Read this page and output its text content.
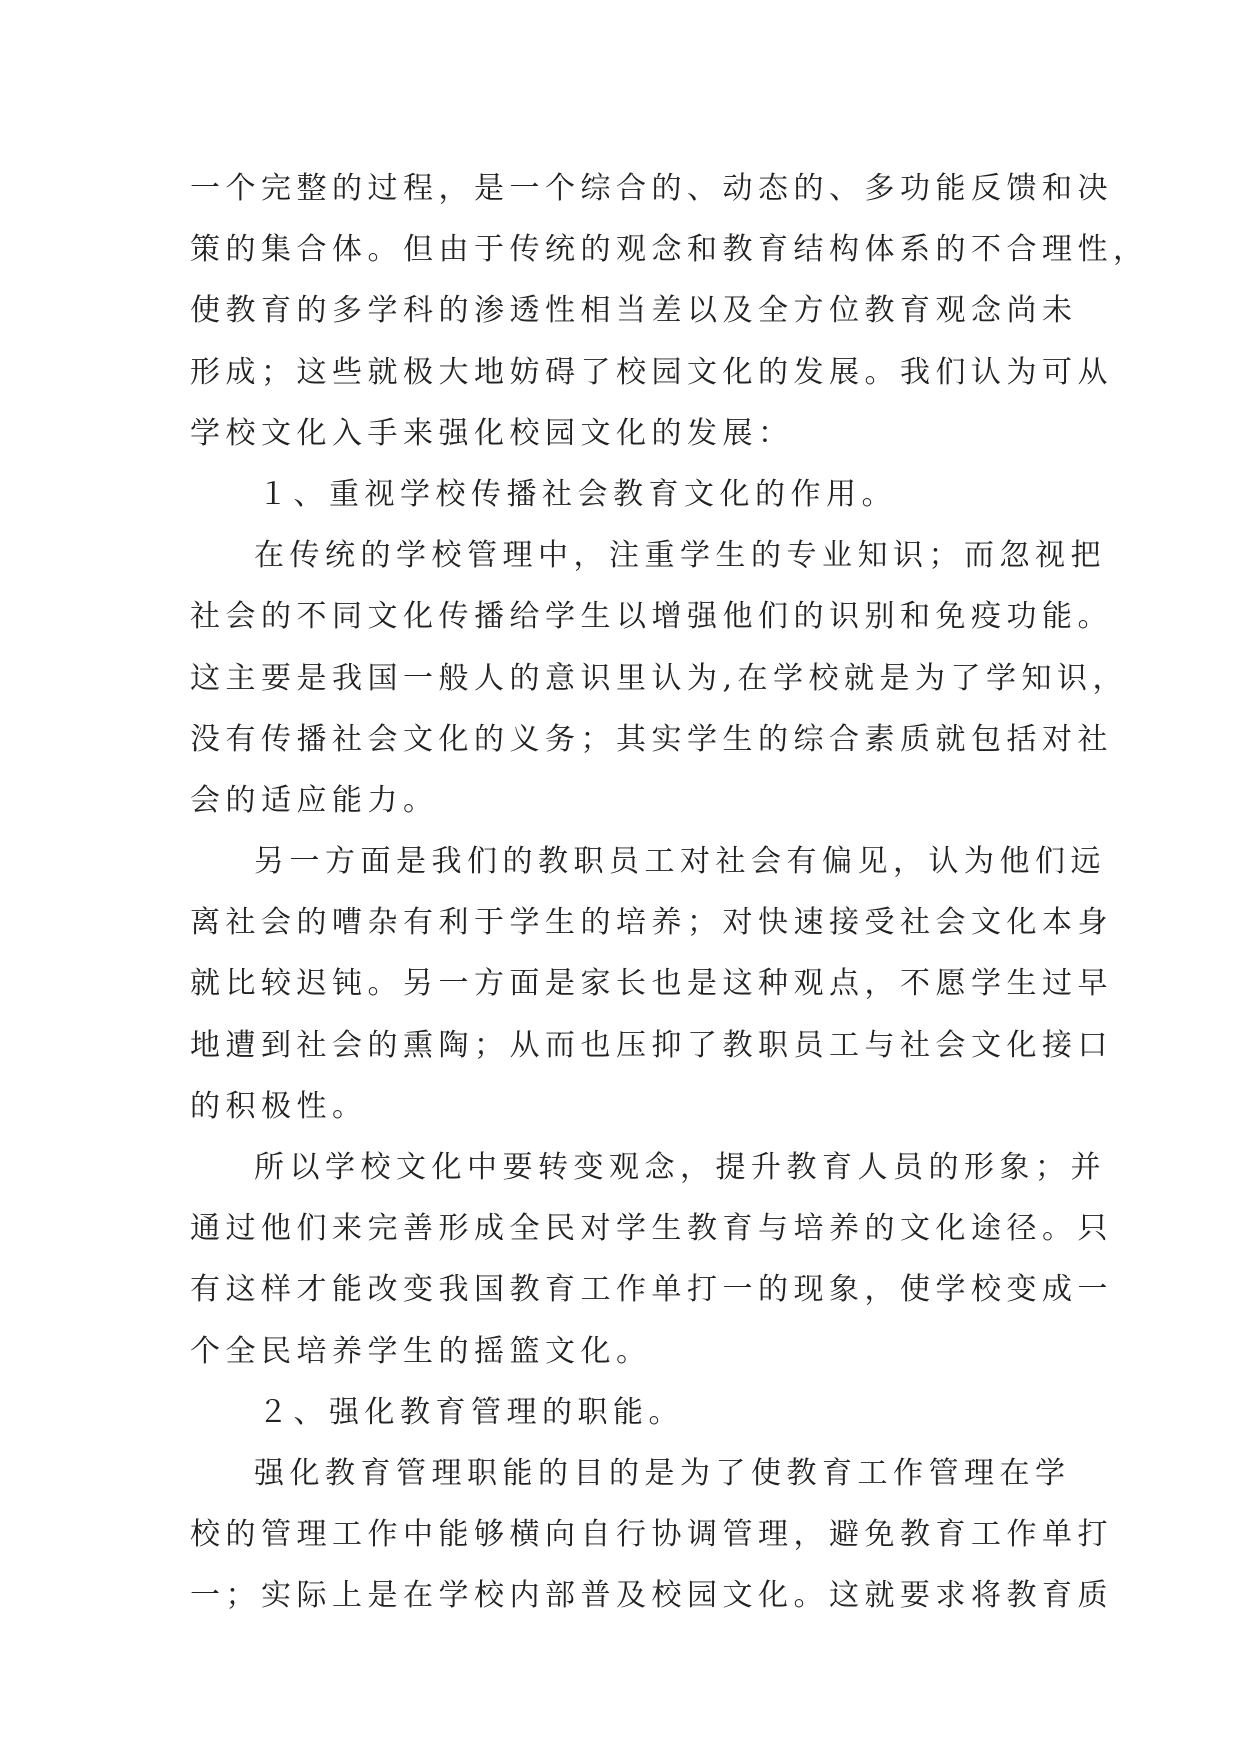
一个完整的过程，是一个综合的、动态的、多功能反馈和决
策的集合体。但由于传统的观念和教育结构体系的不合理性，
使教育的多学科的渗透性相当差以及全方位教育观念尚未
形成；这些就极大地妨碍了校园文化的发展。我们认为可从
学校文化入手来强化校园文化的发展：
１、重视学校传播社会教育文化的作用。
在传统的学校管理中，注重学生的专业知识；而忽视把
社会的不同文化传播给学生以增强他们的识别和免疫功能。
这主要是我国一般人的意识里认为,在学校就是为了学知识，
没有传播社会文化的义务；其实学生的综合素质就包括对社
会的适应能力。
另一方面是我们的教职员工对社会有偏见，认为他们远
离社会的嘈杂有利于学生的培养；对快速接受社会文化本身
就比较迟钝。另一方面是家长也是这种观点，不愿学生过早
地遭到社会的熏陶；从而也压抑了教职员工与社会文化接口
的积极性。
所以学校文化中要转变观念，提升教育人员的形象；并
通过他们来完善形成全民对学生教育与培养的文化途径。只
有这样才能改变我国教育工作单打一的现象，使学校变成一
个全民培养学生的摇篮文化。
２、强化教育管理的职能。
强化教育管理职能的目的是为了使教育工作管理在学
校的管理工作中能够横向自行协调管理，避免教育工作单打
一；实际上是在学校内部普及校园文化。这就要求将教育质
